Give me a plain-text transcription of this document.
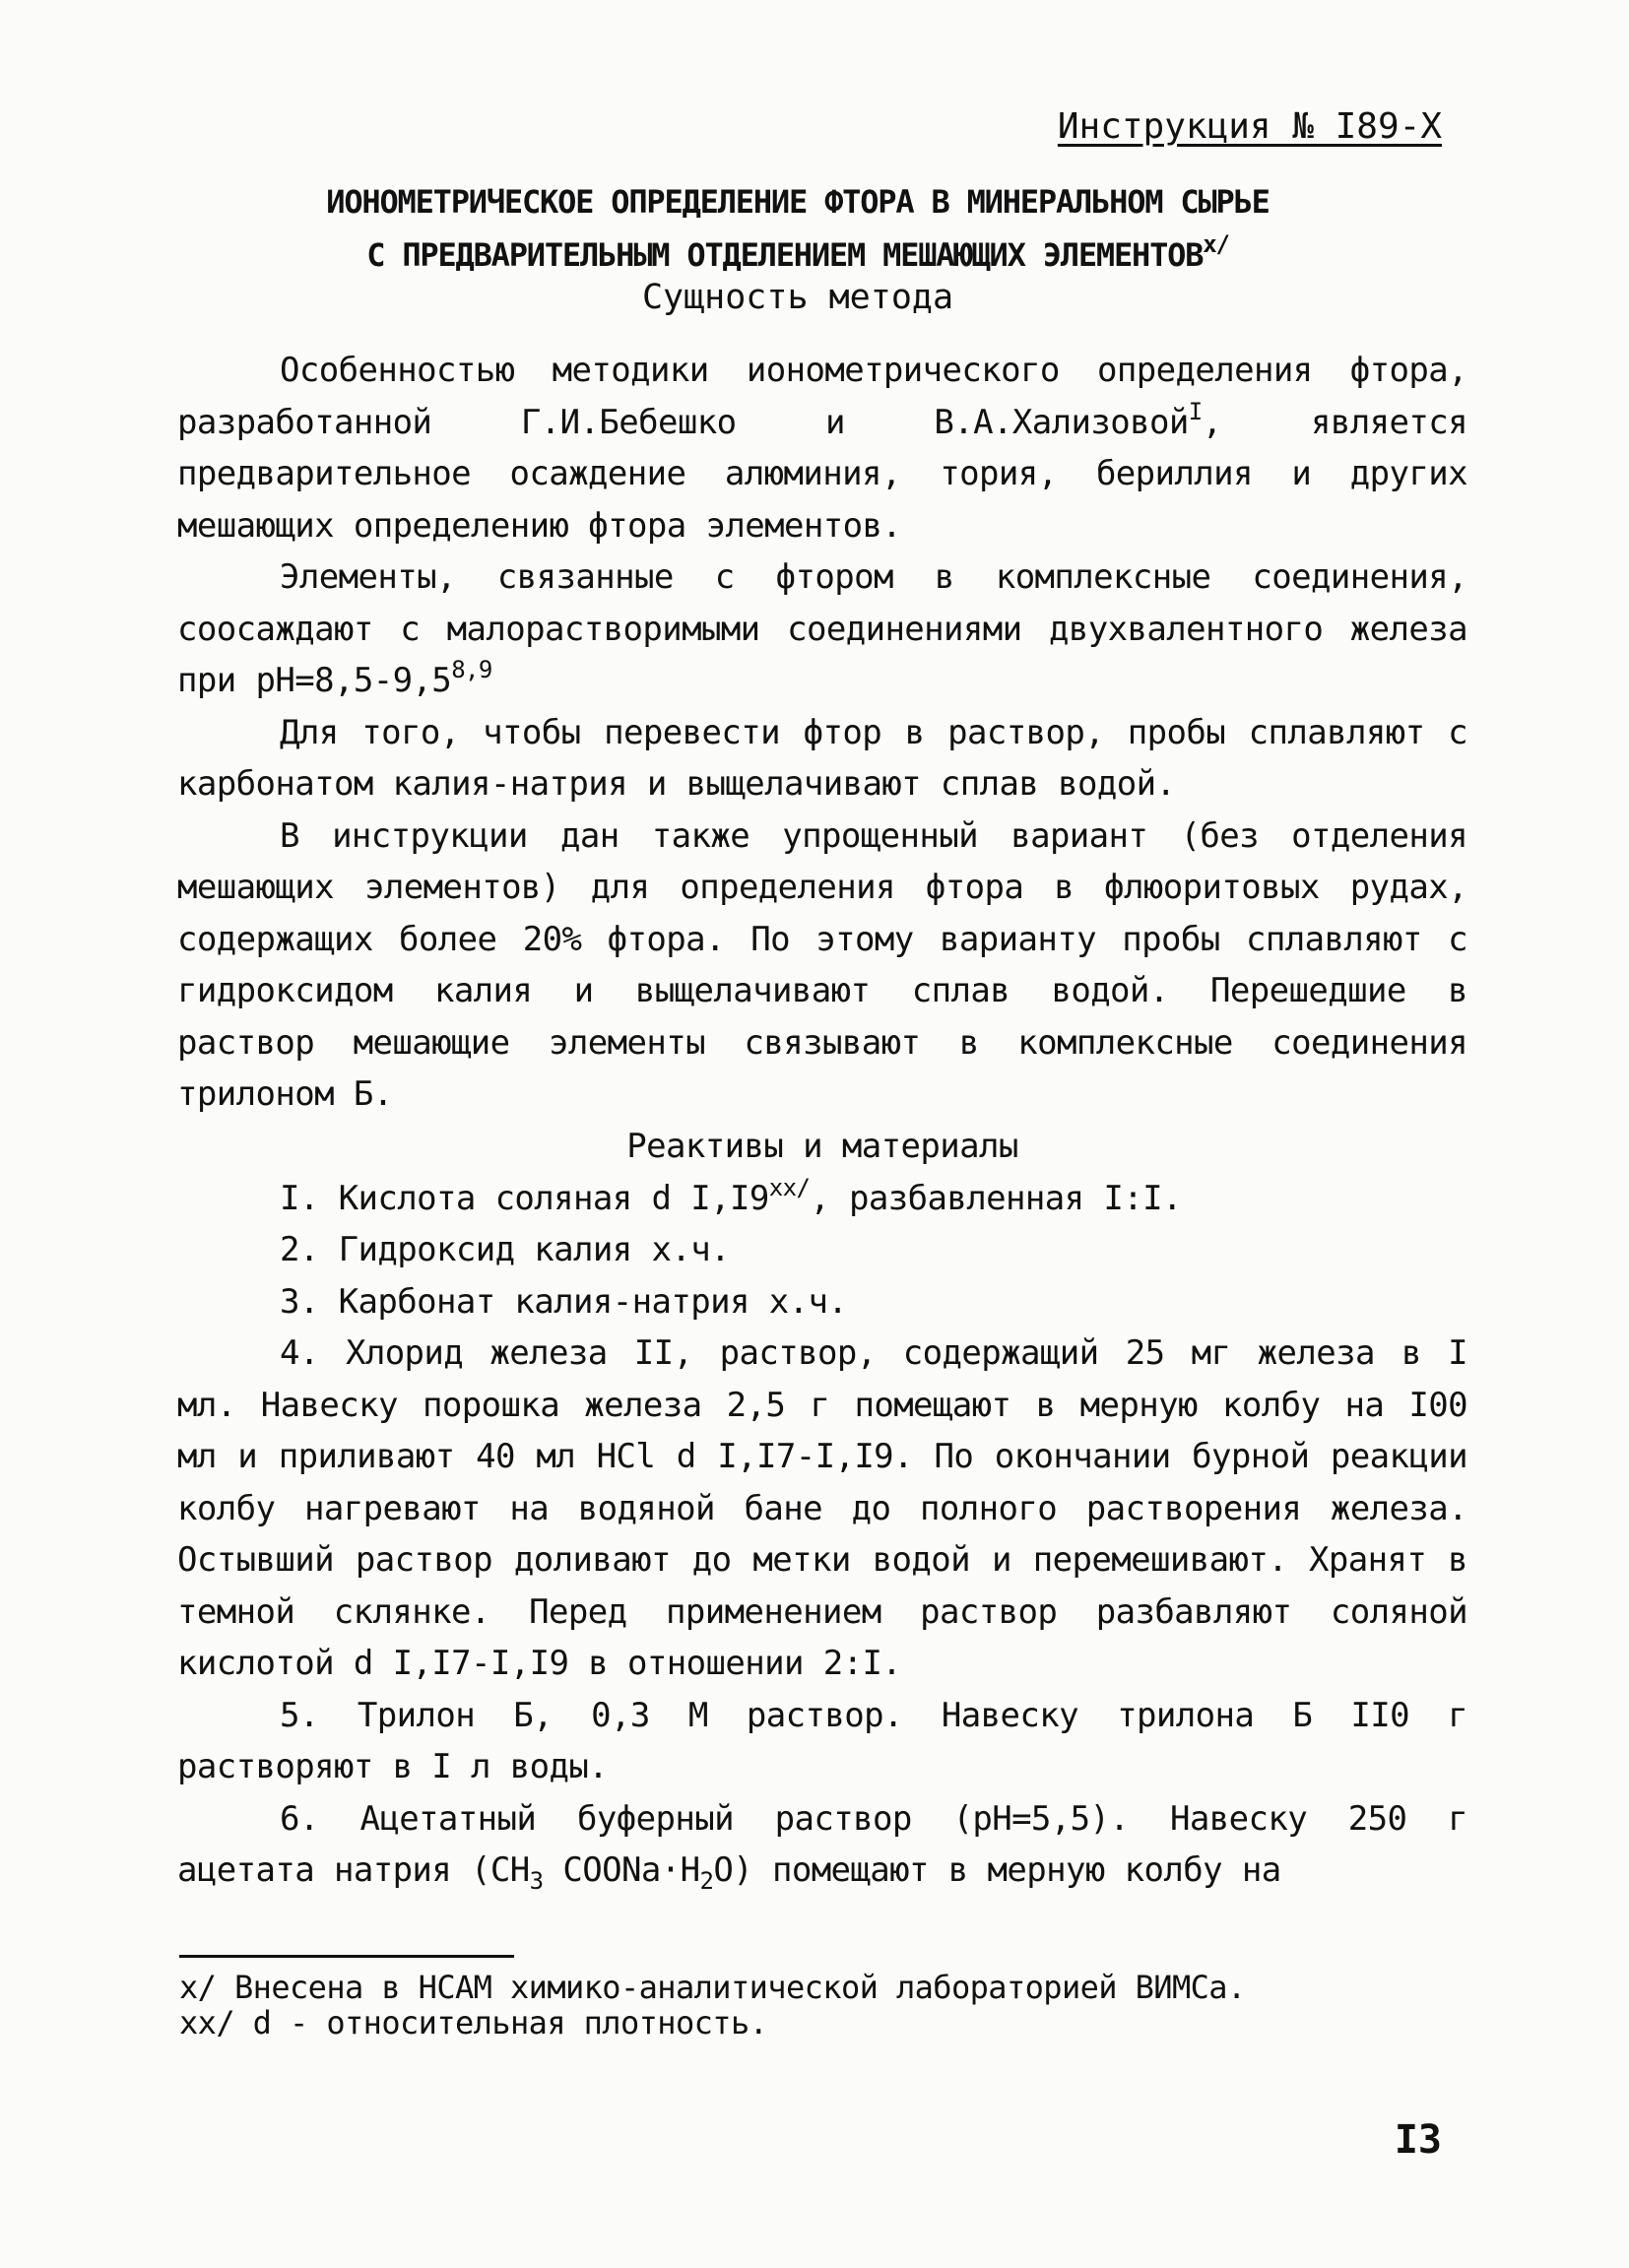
Инструкция № I89-X
ИОНОМЕТРИЧЕСКОЕ ОПРЕДЕЛЕНИЕ ФТОРА В МИНЕРАЛЬНОМ СЫРЬЕ
С ПРЕДВАРИТЕЛЬНЫМ ОТДЕЛЕНИЕМ МЕШАЮЩИХ $ЭЛЕМЕНТОВ^{x/}$
Сущность метода

Особенностью методики ионометрического определения фтора, разработанной Г.И.Бебешко и В.А.Хализовой$^I$, является предварительное осаждение алюминия, тория, бериллия и других мешающих определению фтора элементов.

Элементы, связанные с фтором в комплексные соединения, соосаждают с малорастворимыми соединениями двухвалентного железа при $pH=8,5-9,5^{8,9}$

Для того, чтобы перевести фтор в раствор, пробы сплавляют с карбонатом калия-натрия и выщелачивают сплав водой.

В инструкции дан также упрощенный вариант (без отделения мешающих элементов) для определения фтора в флюоритовых рудах, содержащих более 20% фтора. По этому варианту пробы сплавляют с гидроксидом калия и выщелачивают сплав водой. Перешедшие в раствор мешающие элементы связывают в комплексные соединения трилоном Б.

Реактивы и материалы

I. Кислота соляная d $I,I9^{xx/}$, разбавленная I:I.

2. Гидроксид калия х.ч.

3. Карбонат калия-натрия х.ч.

4. Хлорид железа II, раствор, содержащий 25 мг железа в I мл. Навеску порошка железа 2,5 г помещают в мерную колбу на I00 мл и приливают 40 мл HCl d I,I7-I,I9. По окончании бурной реакции колбу нагревают на водяной бане до полного растворения железа. Остывший раствор доливают до метки водой и перемешивают. Хранят в темной склянке. Перед применением раствор разбавляют соляной кислотой d I,I7-I,I9 в отношении 2:I.

5. Трилон Б, 0,3 М раствор. Навеску трилона Б II0 г растворяют в I л воды.

6. Ацетатный буферный раствор (pH=5,5). Навеску 250 г ацетата натрия ($CH_3$ $COONa\cdot H_2O$) помещают в мерную колбу на

x/ Внесена в НСАМ химико-аналитической лабораторией ВИМСа.
xx/ d - относительная плотность.
I3
